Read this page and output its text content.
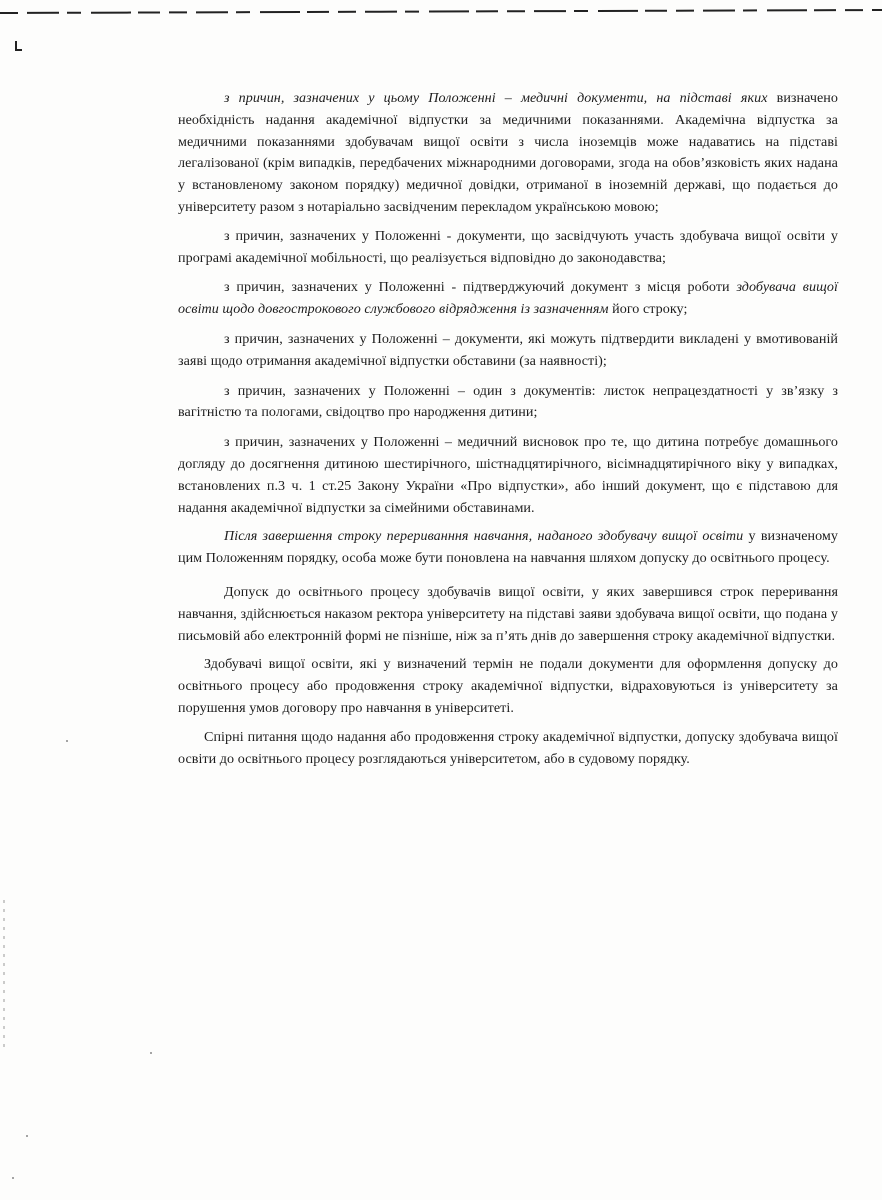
з причин, зазначених у цьому Положенні – медичні документи, на підставі яких визначено необхідність надання академічної відпустки за медичними показаннями. Академічна відпустка за медичними показаннями здобувачам вищої освіти з числа іноземців може надаватись на підставі легалізованої (крім випадків, передбачених міжнародними договорами, згода на обов’язковість яких надана у встановленому законом порядку) медичної довідки, отриманої в іноземній державі, що подається до університету разом з нотаріально засвідченим перекладом українською мовою;

з причин, зазначених у Положенні - документи, що засвідчують участь здобувача вищої освіти у програмі академічної мобільності, що реалізується відповідно до законодавства;

з причин, зазначених у Положенні - підтверджуючий документ з місця роботи здобувача вищої освіти щодо довгострокового службового відрядження із зазначенням його строку;

з причин, зазначених у Положенні – документи, які можуть підтвердити викладені у вмотивованій заяві щодо отримання академічної відпустки обставини (за наявності);

з причин, зазначених у Положенні – один з документів: листок непрацездатності у зв’язку з вагітністю та пологами, свідоцтво про народження дитини;

з причин, зазначених у Положенні – медичний висновок про те, що дитина потребує домашнього догляду до досягнення дитиною шестирічного, шістнадцятирічного, вісімнадцятирічного віку у випадках, встановлених п.3 ч. 1 ст.25 Закону України «Про відпустки», або інший документ, що є підставою для надання академічної відпустки за сімейними обставинами.

Після завершення строку перериванння навчання, наданого здобувачу вищої освіти у визначеному цим Положенням порядку, особа може бути поновлена на навчання шляхом допуску до освітнього процесу.

Допуск до освітнього процесу здобувачів вищої освіти, у яких завершився строк переривання навчання, здійснюється наказом ректора університету на підставі заяви здобувача вищої освіти, що подана у письмовій або електронній формі не пізніше, ніж за п’ять днів до завершення строку академічної відпустки.

Здобувачі вищої освіти, які у визначений термін не подали документи для оформлення допуску до освітнього процесу або продовження строку академічної відпустки, відраховуються із університету за порушення умов договору про навчання в університеті.

Спірні питання щодо надання або продовження строку академічної відпустки, допуску здобувача вищої освіти до освітнього процесу розглядаються університетом, або в судовому порядку.
